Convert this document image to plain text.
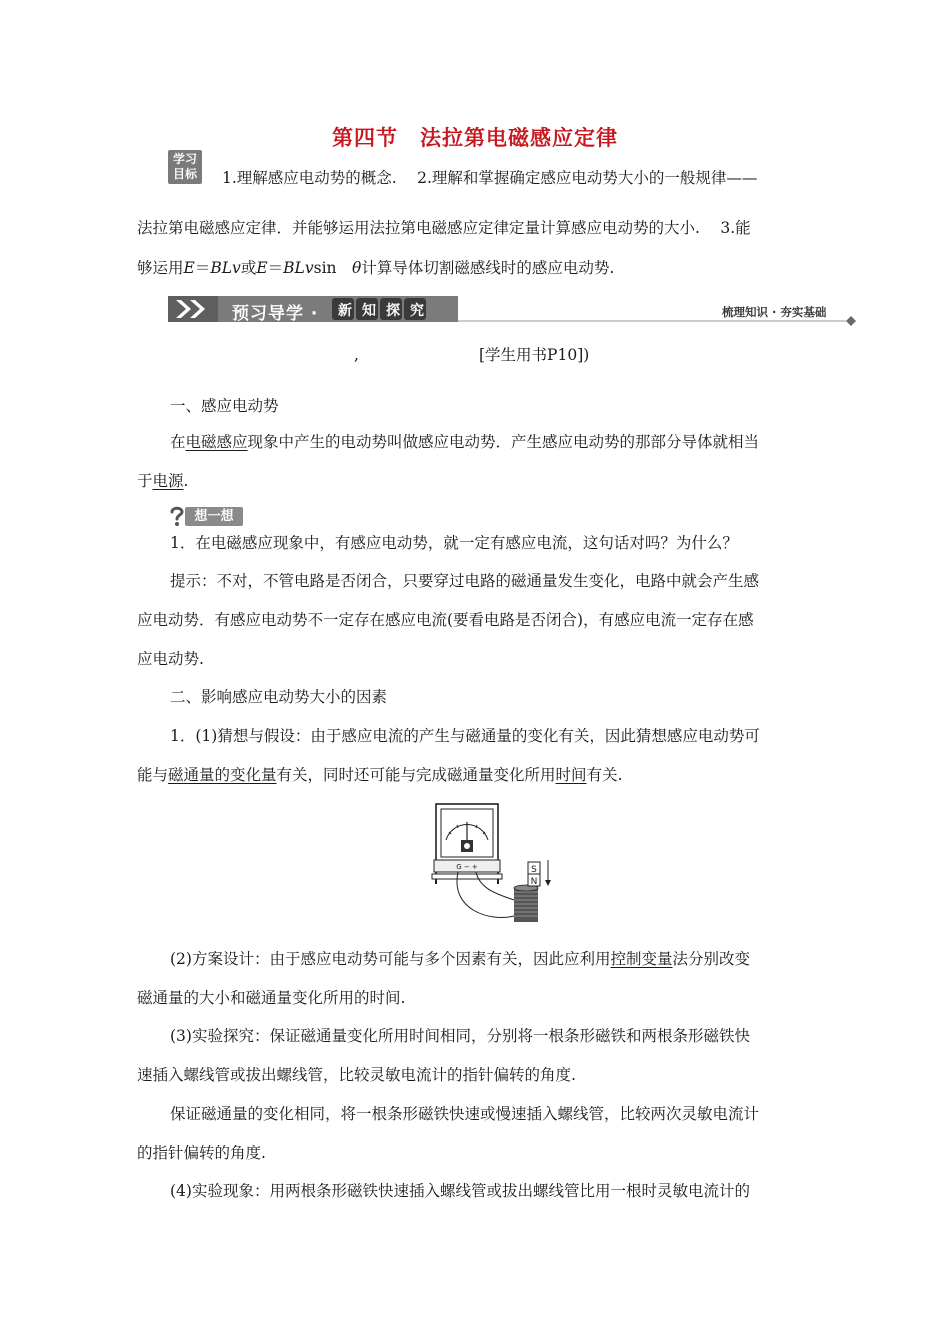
第四节 法拉第电磁感应定律
学习
目标	1.理解感应电动势的概念.　 2.理解和掌握确定感应电动势大小的一般规律——
法拉第电磁感应定律．并能够运用法拉第电磁感应定律定量计算感应电动势的大小.　 3.能
够运用E＝BLv或E＝BLvsin　θ计算导体切割磁感线时的感应电动势.
预习导学 · 新 知 探 究	梳理知识 · 夯实基础
,	[学生用书P10])
一、感应电动势
在电磁感应现象中产生的电动势叫做感应电动势．产生感应电动势的那部分导体就相当
于电源.
想一想
1．在电磁感应现象中，有感应电动势，就一定有感应电流，这句话对吗？为什么？
提示：不对，不管电路是否闭合，只要穿过电路的磁通量发生变化，电路中就会产生感
应电动势．有感应电动势不一定存在感应电流(要看电路是否闭合)，有感应电流一定存在感
应电动势.
二、影响感应电动势大小的因素
1．(1)猜想与假设：由于感应电流的产生与磁通量的变化有关，因此猜想感应电动势可
能与磁通量的变化量有关，同时还可能与完成磁通量变化所用时间有关.
G − +	S
N
(2)方案设计：由于感应电动势可能与多个因素有关，因此应利用控制变量法分别改变
磁通量的大小和磁通量变化所用的时间.
(3)实验探究：保证磁通量变化所用时间相同，分别将一根条形磁铁和两根条形磁铁快
速插入螺线管或拔出螺线管，比较灵敏电流计的指针偏转的角度.
保证磁通量的变化相同，将一根条形磁铁快速或慢速插入螺线管，比较两次灵敏电流计
的指针偏转的角度.
(4)实验现象：用两根条形磁铁快速插入螺线管或拔出螺线管比用一根时灵敏电流计的
